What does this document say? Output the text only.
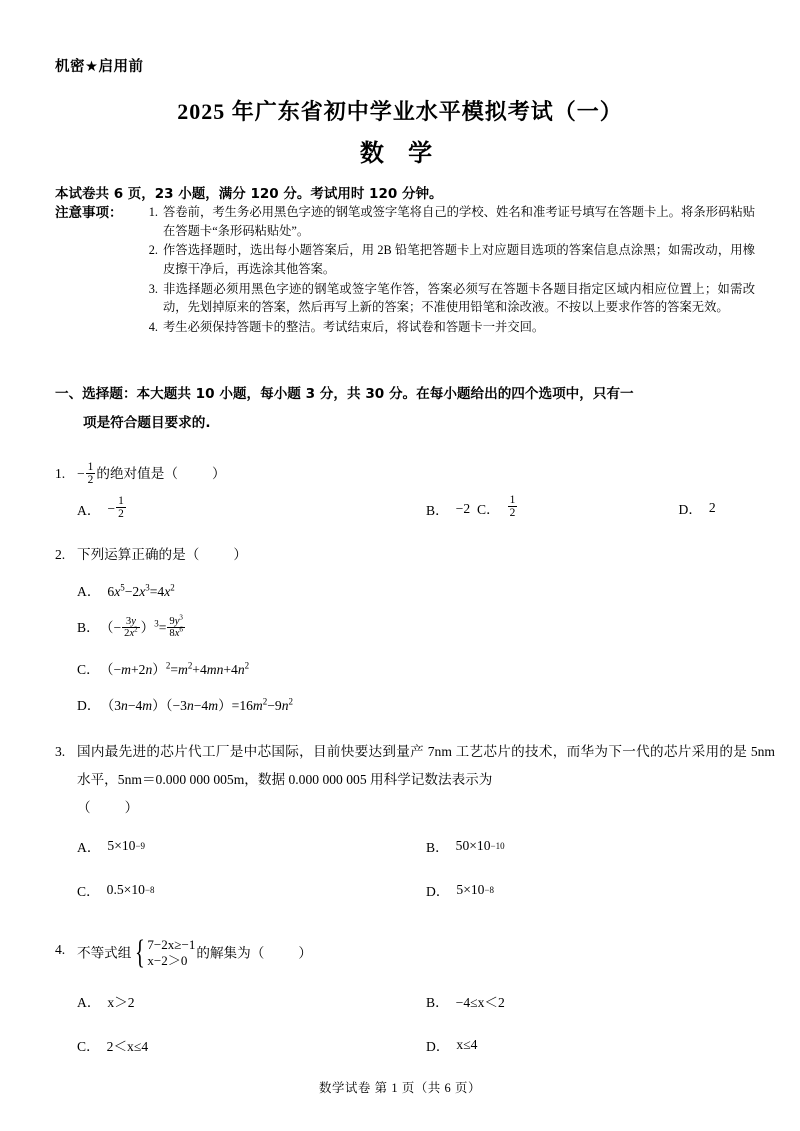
机密★启用前
2025 年广东省初中学业水平模拟考试（一）
数 学
本试卷共 6 页，23 小题，满分 120 分。考试用时 120 分钟。
注意事项：	1. 答卷前，考生务必用黑色字迹的钢笔或签字笔将自己的学校、姓名和准考证号填写在答题卡上。将条形码粘贴在答题卡“条形码粘贴处”。
2. 作答选择题时，选出每小题答案后，用 2B 铅笔把答题卡上对应题目选项的答案信息点涂黑；如需改动，用橡皮擦干净后，再选涂其他答案。
3. 非选择题必须用黑色字迹的钢笔或签字笔作答，答案必须写在答题卡各题目指定区域内相应位置上；如需改动，先划掉原来的答案，然后再写上新的答案；不准使用铅笔和涂改液。不按以上要求作答的答案无效。
4. 考生必须保持答题卡的整洁。考试结束后，将试卷和答题卡一并交回。
一、选择题：本大题共 10 小题，每小题 3 分，共 30 分。在每小题给出的四个选项中，只有一
项是符合题目要求的.
1. − $\frac{1}{2}$ 的绝对值是（	）
A． − $\frac{1}{2}$	B． −2 C． $\frac{1}{2}$	D． 2
2. 下列运算正确的是（	）
A． $6x^5-2x^3=4x^2$
B． （− $\frac{3y}{2x^2} )^3= \frac{9y^3}{8x^6}$
C． $(-m+2n)^2=m^2+4mn+4n^2$
D． $(3n-4m)(-3n-4m)=16m^2-9n^2$
3. 国内最先进的芯片代工厂是中芯国际，目前快要达到量产 7nm 工艺芯片的技术，而华为下一代的芯片采用的是 5nm 水平，5nm＝0.000 000 005m，数据 0.000 000 005 用科学记数法表示为
（	）
A． 5×10 −9	B． 50×10 −10
C． 0.5×10 −8	D． 5×10 −8
4. 不等式组 { 7−2x≥−1
x−2＞0
的解集为（	）
A． x＞2	B． −4≤x＜2
C． 2＜x≤4	D． x≤4
数学试卷 第 1 页（共 6 页）
